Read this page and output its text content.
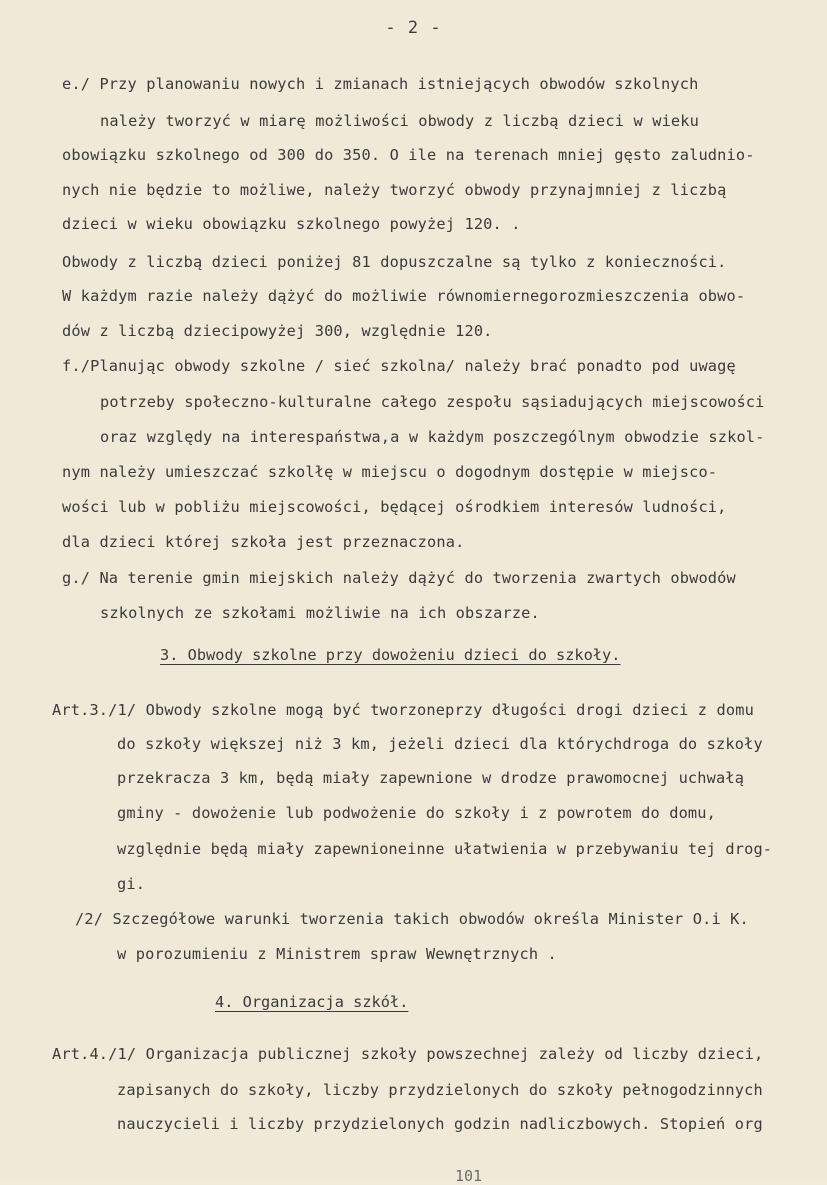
- 2 -
e./ Przy planowaniu nowych i zmianach istniejących obwodów szkolnych
należy tworzyć w miarę możliwości obwody z liczbą dzieci w wieku
obowiązku szkolnego od 300 do 350. O ile na terenach mniej gęsto zaludnio-
nych nie będzie to możliwe, należy tworzyć obwody przynajmniej z liczbą
dzieci w wieku obowiązku szkolnego powyżej 120. .
Obwody z liczbą dzieci poniżej 81 dopuszczalne są tylko z konieczności.
W każdym razie należy dążyć do możliwie równomiernegorozmieszczenia obwo-
dów z liczbą dziecipowyżej 300, względnie 120.
f./Planując obwody szkolne / sieć szkolna/ należy brać ponadto pod uwagę
potrzeby społeczno-kulturalne całego zespołu sąsiadujących miejscowości
oraz względy na interespaństwa,a w każdym poszczególnym obwodzie szkol-
nym należy umieszczać szkolłę w miejscu o dogodnym dostępie w miejsco-
wości lub w pobliżu miejscowości, będącej ośrodkiem interesów ludności,
dla dzieci której szkoła jest przeznaczona.
g./ Na terenie gmin miejskich należy dążyć do tworzenia zwartych obwodów
szkolnych ze szkołami możliwie na ich obszarze.
3. Obwody szkolne przy dowożeniu dzieci do szkoły.
Art.3./1/ Obwody szkolne mogą być tworzoneprzy długości drogi dzieci z domu
do szkoły większej niż 3 km, jeżeli dzieci dla którychdroga do szkoły
przekracza 3 km, będą miały zapewnione w drodze prawomocnej uchwałą
gminy - dowożenie lub podwożenie do szkoły i z powrotem do domu,
względnie będą miały zapewnioneinne ułatwienia w przebywaniu tej drog-
gi.
/2/ Szczegółowe warunki tworzenia takich obwodów określa Minister O.i K.
w porozumieniu z Ministrem spraw Wewnętrznych .
4. Organizacja szkół.
Art.4./1/ Organizacja publicznej szkoły powszechnej zależy od liczby dzieci,
zapisanych do szkoły, liczby przydzielonych do szkoły pełnogodzinnych
nauczycieli i liczby przydzielonych godzin nadliczbowych. Stopień org
101
